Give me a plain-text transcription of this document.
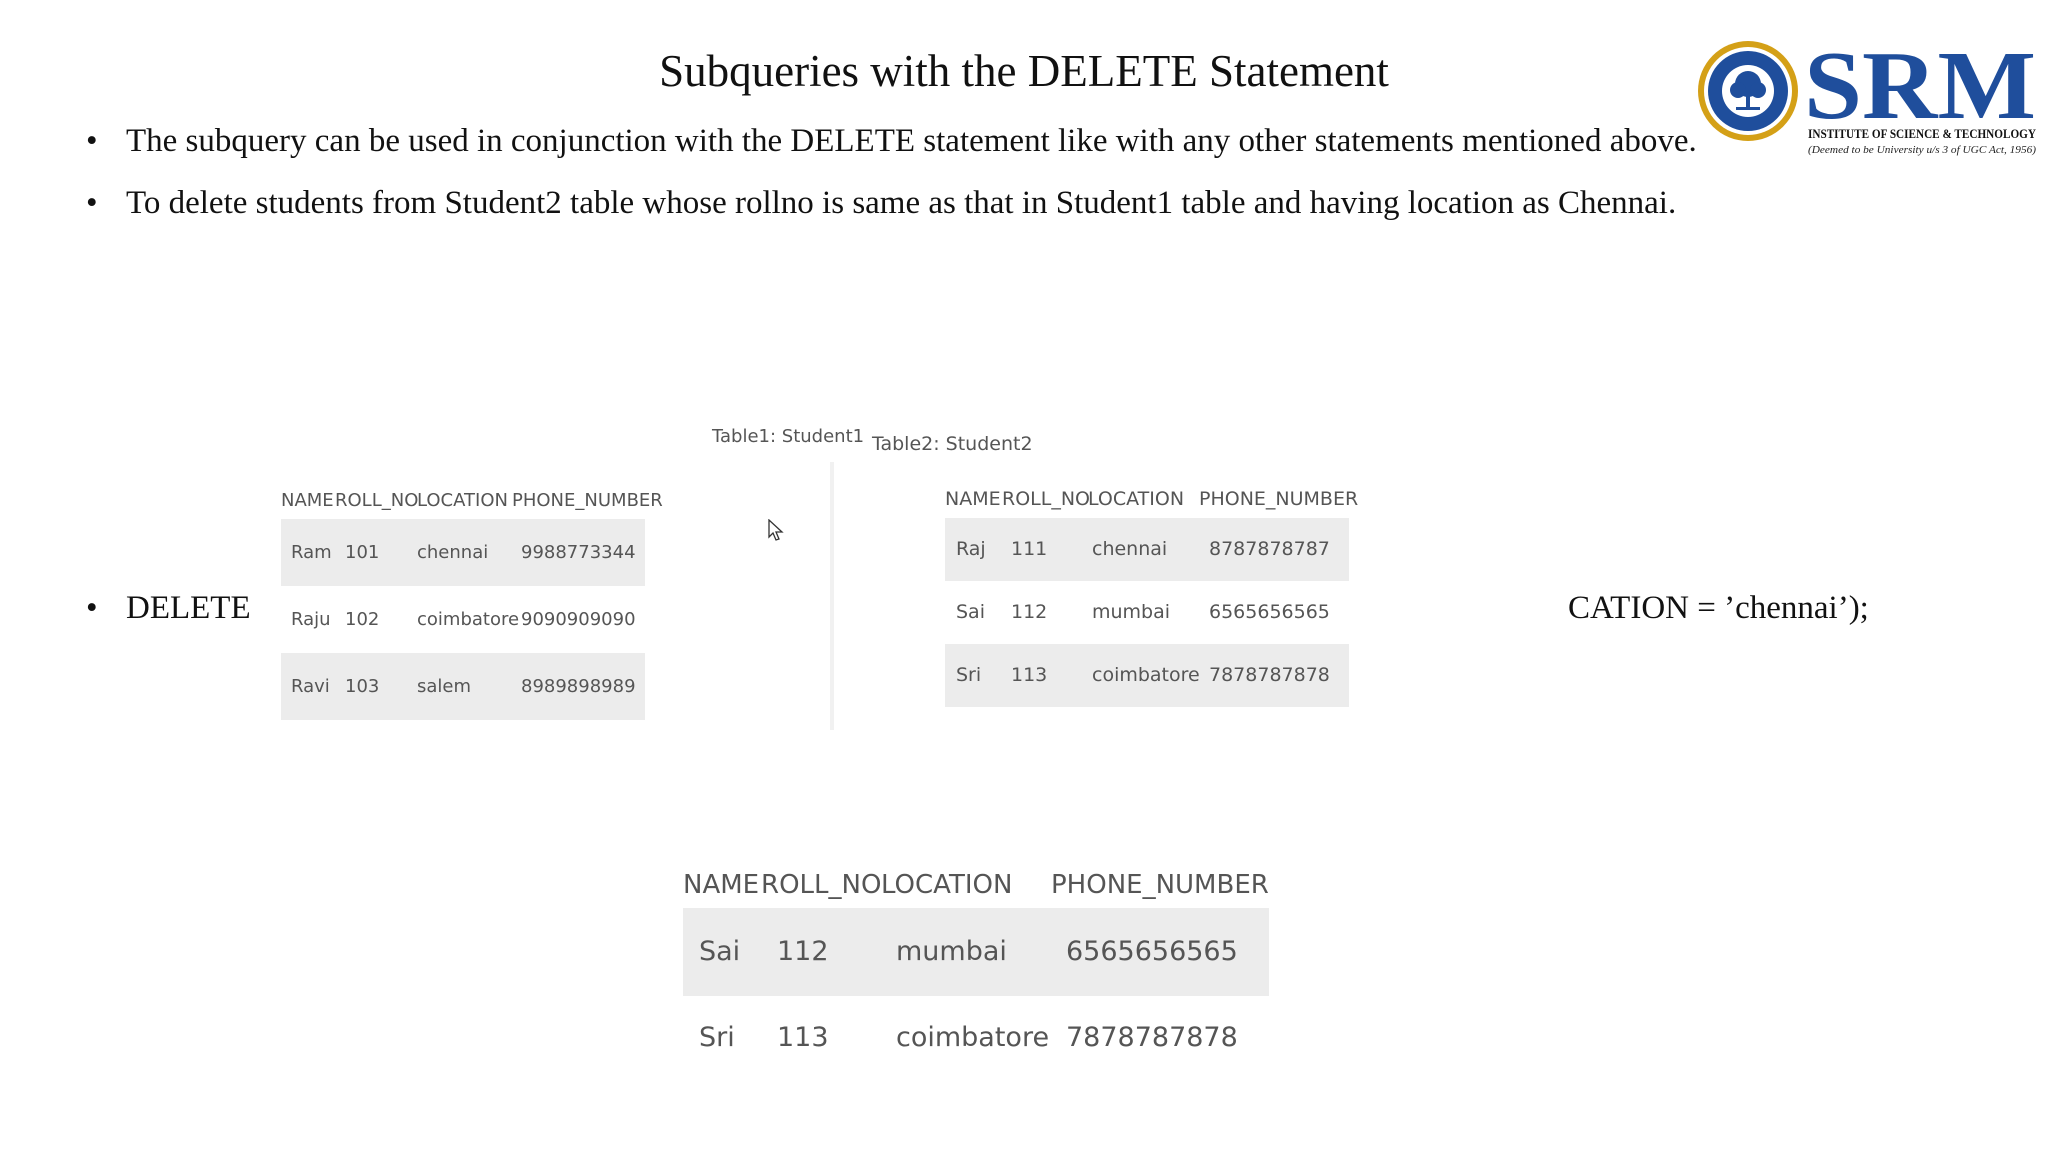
Subqueries with the DELETE Statement
• The subquery can be used in conjunction with the DELETE statement like with any other statements mentioned above.
• To delete students from Student2 table whose rollno is same as that in Student1 table and having location as Chennai.
• DELETE	CATION = ’chennai’);
SRM
INSTITUTE OF SCIENCE & TECHNOLOGY
(Deemed to be University u/s 3 of UGC Act, 1956)
Table1: Student1 Table2: Student2
NAME ROLL_NO
LOCATION PHONE_NUMBER
Ram 101 chennai 9988773344
Raju 102 coimbatore 9090909090
Ravi 103 salem	8989898989
NAME ROLL_NO
LOCATION PHONE_NUMBER
Raj 111 chennai 8787878787
Sai 112 mumbai 6565656565
Sri 113 coimbatore 7878787878
NAME ROLL_NO LOCATION PHONE_NUMBER
Sai 112 mumbai 6565656565
Sri 113 coimbatore 7878787878
